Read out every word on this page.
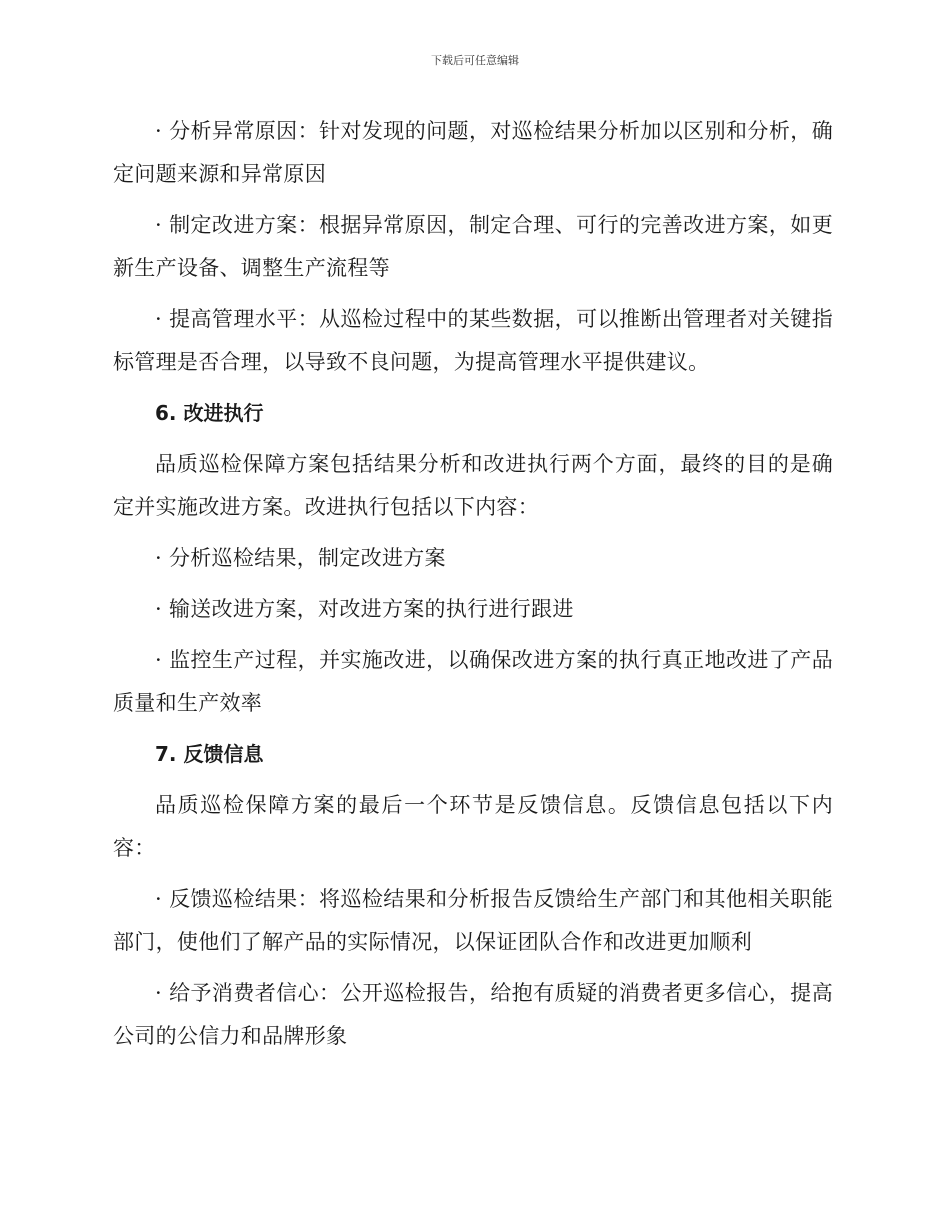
下载后可任意编辑

· 分析异常原因：针对发现的问题，对巡检结果分析加以区别和分析，确定问题来源和异常原因

· 制定改进方案：根据异常原因，制定合理、可行的完善改进方案，如更新生产设备、调整生产流程等

· 提高管理水平：从巡检过程中的某些数据，可以推断出管理者对关键指标管理是否合理，以导致不良问题，为提高管理水平提供建议。

6. 改进执行

品质巡检保障方案包括结果分析和改进执行两个方面，最终的目的是确定并实施改进方案。改进执行包括以下内容：

· 分析巡检结果，制定改进方案

· 输送改进方案，对改进方案的执行进行跟进

· 监控生产过程，并实施改进，以确保改进方案的执行真正地改进了产品质量和生产效率

7. 反馈信息

品质巡检保障方案的最后一个环节是反馈信息。反馈信息包括以下内容：

· 反馈巡检结果：将巡检结果和分析报告反馈给生产部门和其他相关职能部门，使他们了解产品的实际情况，以保证团队合作和改进更加顺利

· 给予消费者信心：公开巡检报告，给抱有质疑的消费者更多信心，提高公司的公信力和品牌形象
